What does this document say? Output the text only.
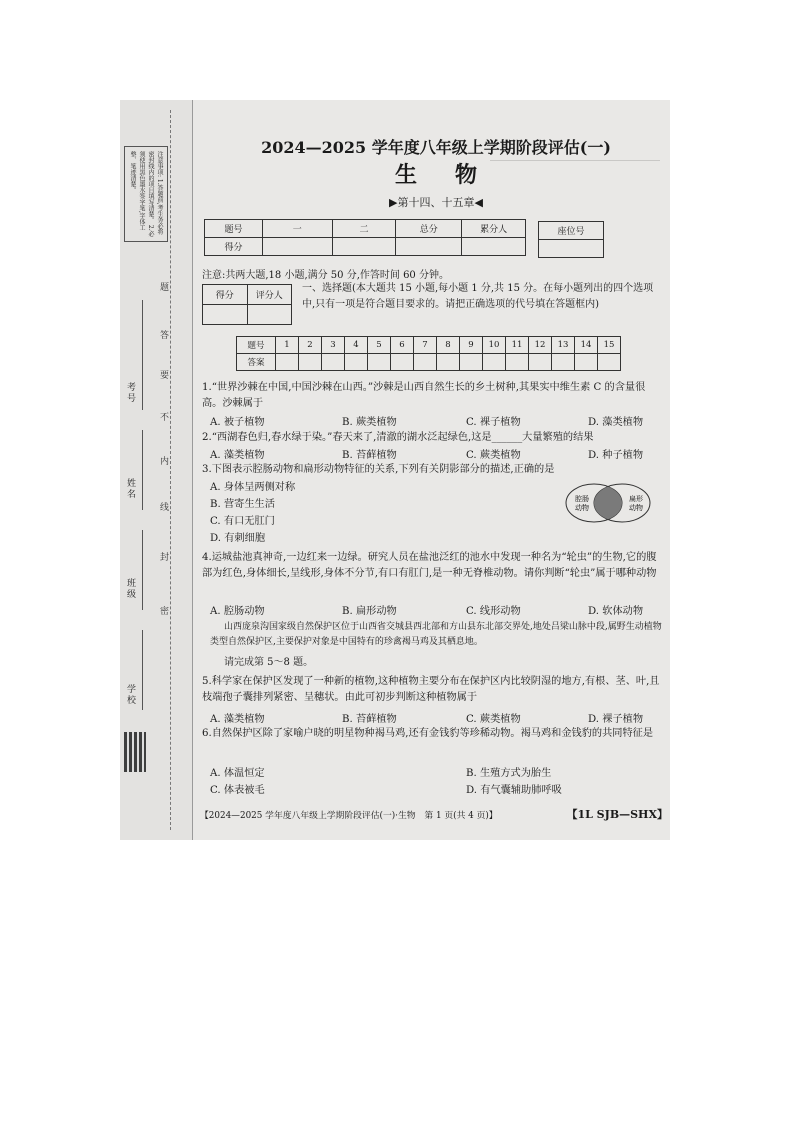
注意事项: 1.答题前,考生务必将密封线内的项目填写清楚。 2.必须使用黑色墨水签字笔,字体工整、笔迹清楚。
考号
姓名
班级
学校
题
答
要
不
内
线
封
密
2024—2025 学年度八年级上学期阶段评估(一)
生物
▶第十四、十五章◀
题号	一	二	总分	累分人
得分				
座位号

注意:共两大题,18 小题,满分 50 分,作答时间 60 分钟。
得分	评分人

一、选择题(本大题共 15 小题,每小题 1 分,共 15 分。在每小题列出的四个选项中,只有一项是符合题目要求的。请把正确选项的代号填在答题框内)
题号	1	2	3	4	5	6	7	8	9	10	11	12	13	14	15
答案															
1.“世界沙棘在中国,中国沙棘在山西。”沙棘是山西自然生长的乡土树种,其果实中维生素 C 的含量很高。沙棘属于
A. 被子植物	B. 蕨类植物	C. 裸子植物	D. 藻类植物
2.“西湖春色归,春水绿于染。”春天来了,清澈的湖水泛起绿色,这是______大量繁殖的结果
A. 藻类植物	B. 苔藓植物	C. 蕨类植物	D. 种子植物
3.下图表示腔肠动物和扁形动物特征的关系,下列有关阴影部分的描述,正确的是
A. 身体呈两侧对称
B. 营寄生生活
C. 有口无肛门
D. 有刺细胞
腔肠
动物
扁形
动物
4.运城盐池真神奇,一边红来一边绿。研究人员在盐池泛红的池水中发现一种名为“轮虫”的生物,它的腹部为红色,身体细长,呈线形,身体不分节,有口有肛门,是一种无脊椎动物。请你判断“轮虫”属于哪种动物
A. 腔肠动物	B. 扁形动物	C. 线形动物	D. 软体动物
山西庞泉沟国家级自然保护区位于山西省交城县西北部和方山县东北部交界处,地处吕梁山脉中段,属野生动植物类型自然保护区,主要保护对象是中国特有的珍禽褐马鸡及其栖息地。
请完成第 5～8 题。
5.科学家在保护区发现了一种新的植物,这种植物主要分布在保护区内比较阴湿的地方,有根、茎、叶,且枝端孢子囊排列紧密、呈穗状。由此可初步判断这种植物属于
A. 藻类植物	B. 苔藓植物	C. 蕨类植物	D. 裸子植物
6.自然保护区除了家喻户晓的明星物种褐马鸡,还有金钱豹等珍稀动物。褐马鸡和金钱豹的共同特征是
A. 体温恒定	B. 生殖方式为胎生
C. 体表被毛	D. 有气囊辅助肺呼吸
【2024—2025 学年度八年级上学期阶段评估(一)·生物　第 1 页(共 4 页)】	【1L SJB—SHX】
